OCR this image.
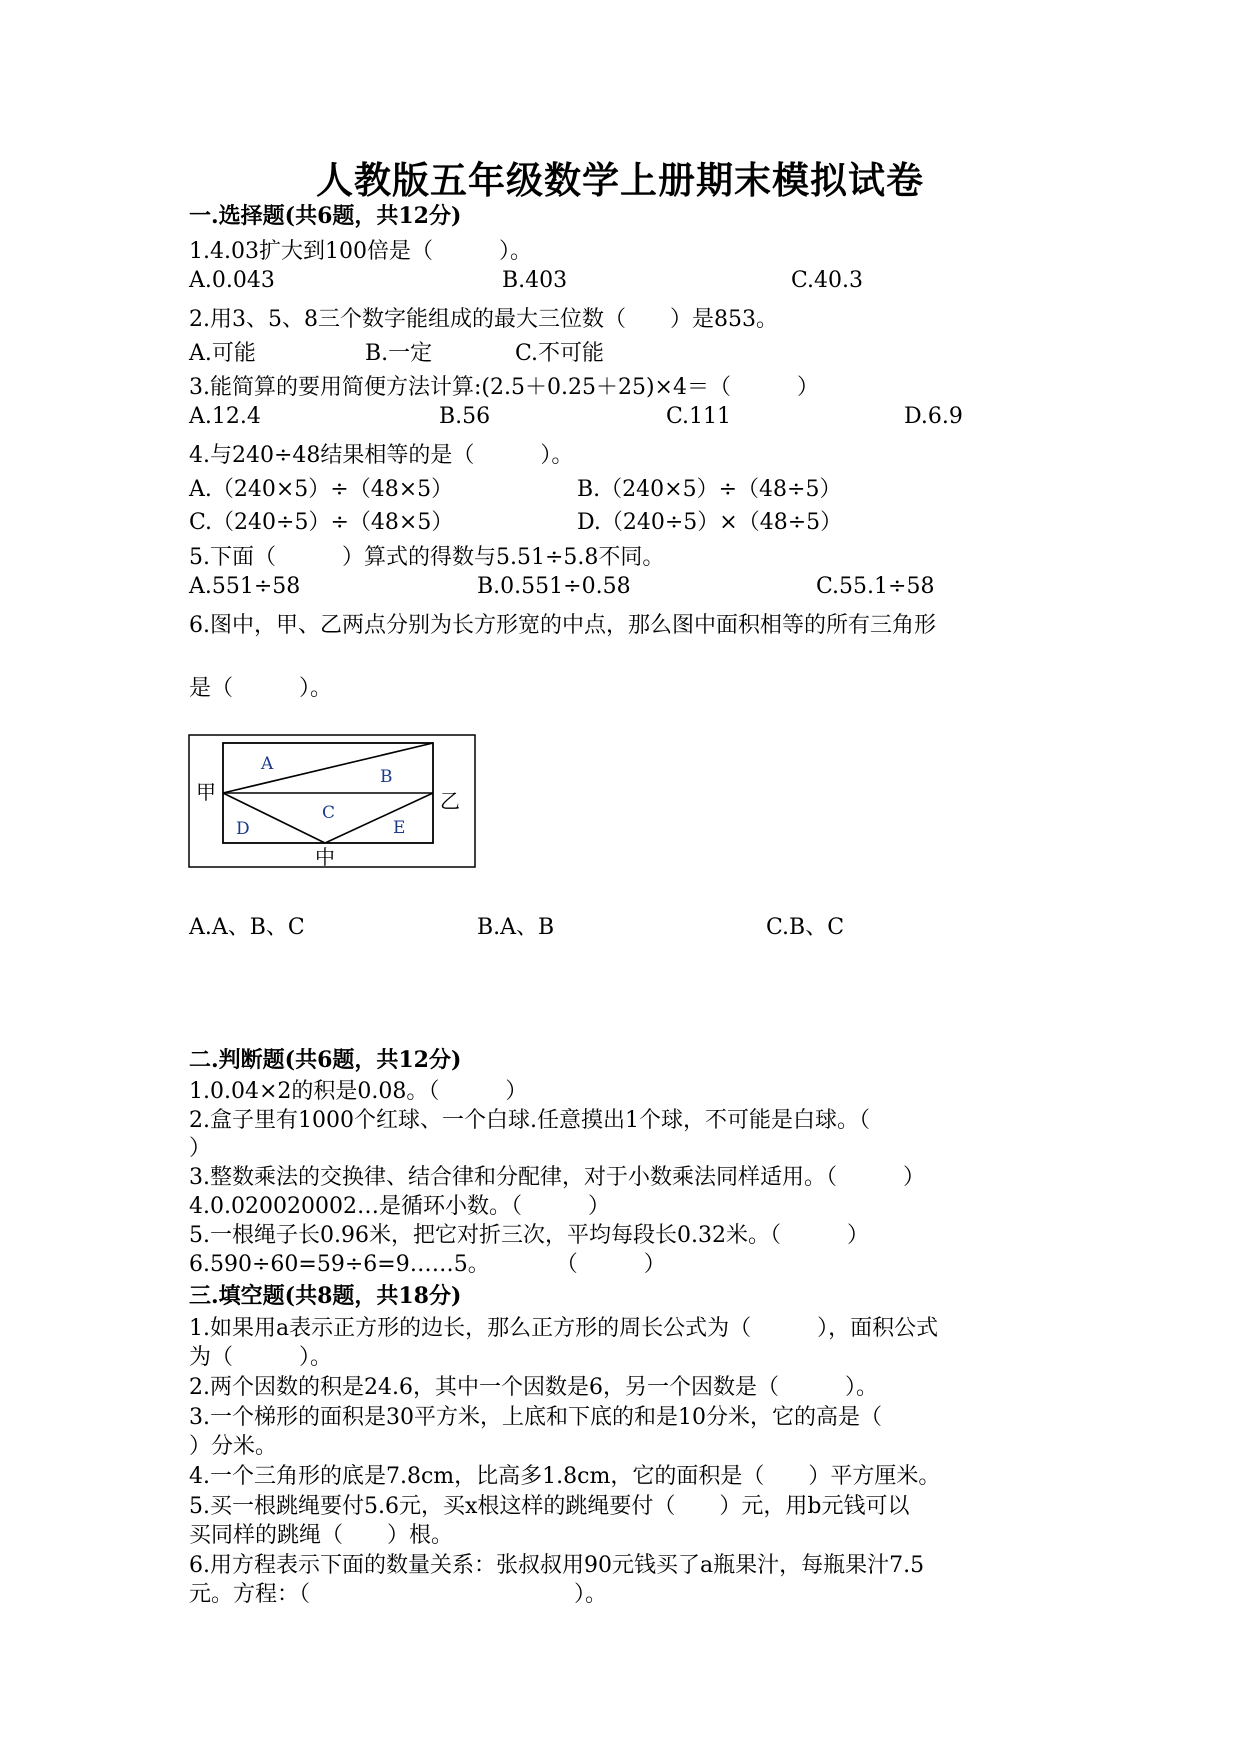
人教版五年级数学上册期末模拟试卷
一.选择题(共6题，共12分)
1.4.03扩大到100倍是（　　　）。
A.0.043	B.403	C.40.3
2.用3、5、8三个数字能组成的最大三位数（　　）是853。
A.可能	B.一定	C.不可能
3.能简算的要用简便方法计算:(2.5＋0.25＋25)×4＝（　　　）
A.12.4	B.56	C.111	D.6.9
4.与240÷48结果相等的是（　　　）。
A.（240×5）÷（48×5）	B.（240×5）÷（48÷5）
C.（240÷5）÷（48×5）	D.（240÷5）×（48÷5）
5.下面（　　　）算式的得数与5.51÷5.8不同。
A.551÷58	B.0.551÷0.58	C.55.1÷58
6.图中，甲、乙两点分别为长方形宽的中点，那么图中面积相等的所有三角形
是（　　　）。
甲	乙
中
A
B
C
D	E
A.A、B、C	B.A、B	C.B、C
二.判断题(共6题，共12分)
1.0.04×2的积是0.08。（　　　）
2.盒子里有1000个红球、一个白球.任意摸出1个球，不可能是白球。（
）
3.整数乘法的交换律、结合律和分配律，对于小数乘法同样适用。（　　　）
4.0.020020002…是循环小数。（　　　）
5.一根绳子长0.96米，把它对折三次，平均每段长0.32米。（　　　）
6.590÷60=59÷6=9……5。　　　　（　　　）
三.填空题(共8题，共18分)
1.如果用a表示正方形的边长，那么正方形的周长公式为（　　　），面积公式
为（　　　）。
2.两个因数的积是24.6，其中一个因数是6，另一个因数是（　　　）。
3.一个梯形的面积是30平方米，上底和下底的和是10分米，它的高是（
）分米。
4.一个三角形的底是7.8cm，比高多1.8cm，它的面积是（　　）平方厘米。
5.买一根跳绳要付5.6元，买x根这样的跳绳要付（　　）元，用b元钱可以
买同样的跳绳（　　）根。
6.用方程表示下面的数量关系：张叔叔用90元钱买了a瓶果汁，每瓶果汁7.5
元。方程：（　　　　　　　　　　　　）。
